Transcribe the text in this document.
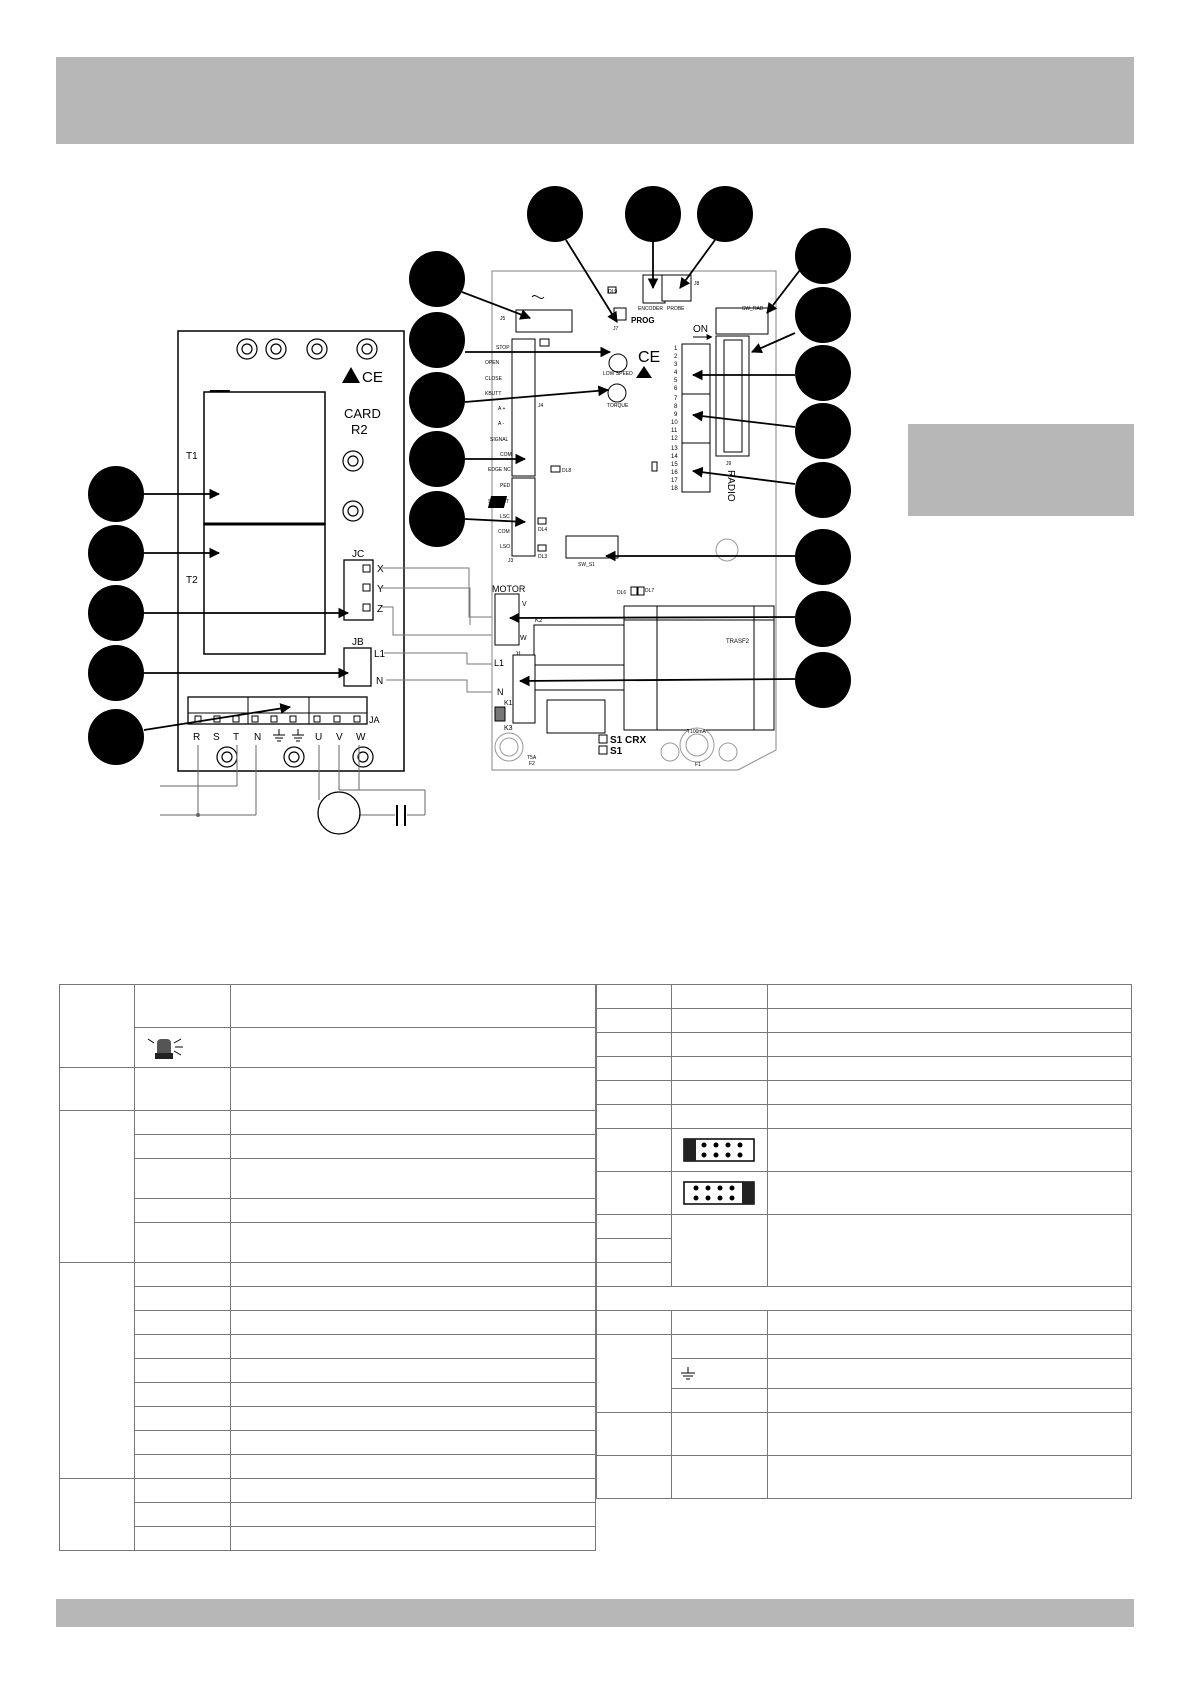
CE
CARD
R2
T1
T2
JC
X
Y
Z
JB
L1
N
JA
R S T N	U V W
J5
DL9
J7
PROG
ENCODER PROBE
J8
SW_RAD
ON
J9
RADIO
1
2
3
4
5
6
7
8
9
10
11
12
13
14
15
16
17
18
CE
LOW SPEED
TORQUE
STOP
OPEN
CLOSE
KBUTT
A +
A -
SIGNAL
COM
EDGE NC
J4
DL8
PED
Sic TEST
LSC
COM
LSO
J3
DL4
DL3
SW_S1
DL6	DL7
MOTOR
V
W
K2
L1
N
K1
K3
TRASF2
S1 CRX
S1
T5A
F2
T100mA
F1
